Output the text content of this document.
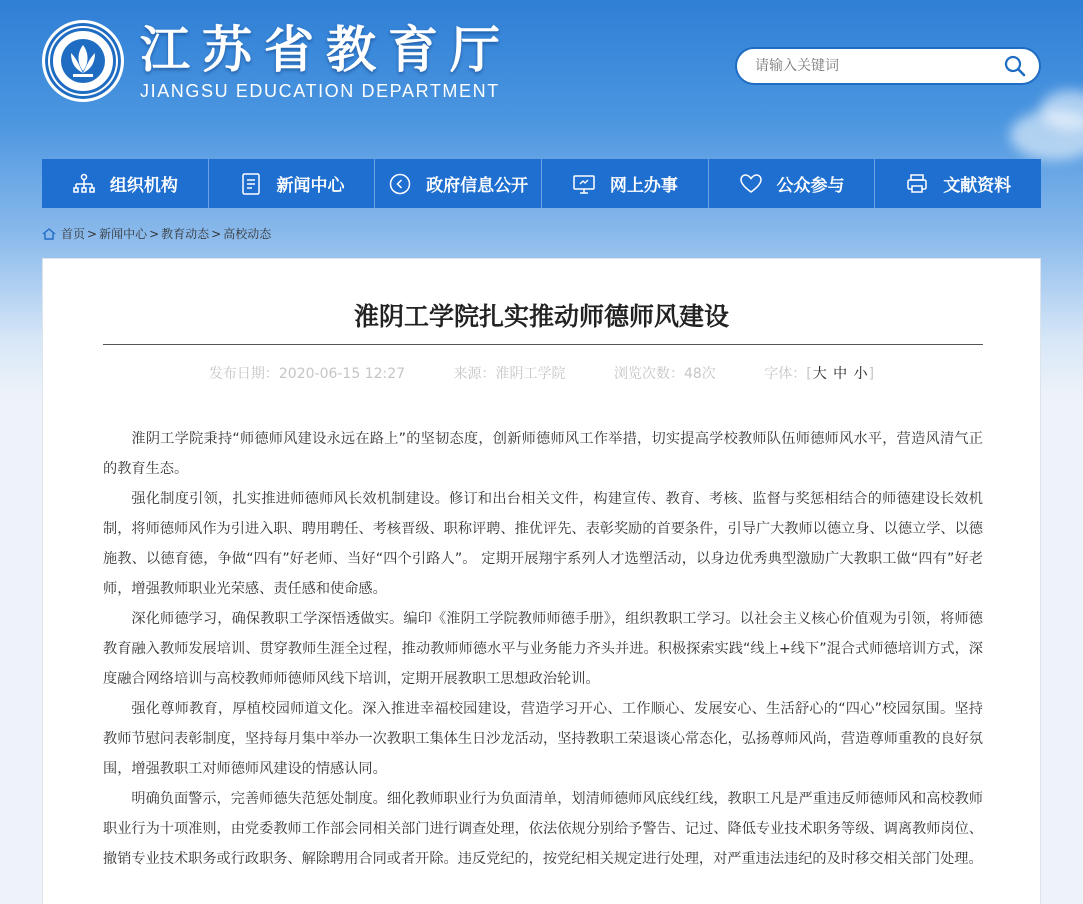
江苏省教育厅
JIANGSU EDUCATION DEPARTMENT
请输入关键词
组织机构	新闻中心	政府信息公开	网上办事	公众参与	文献资料
首页 > 新闻中心 > 教育动态 > 高校动态
淮阴工学院扎实推动师德师风建设
发布日期：2020-06-15 12:27	来源：淮阴工学院	浏览次数：48次	字体：[大 中 小]

淮阴工学院秉持“师德师风建设永远在路上”的坚韧态度，创新师德师风工作举措，切实提高学校教师队伍师德师风水平，营造风清气正的教育生态。

强化制度引领，扎实推进师德师风长效机制建设。修订和出台相关文件，构建宣传、教育、考核、监督与奖惩相结合的师德建设长效机制，将师德师风作为引进入职、聘用聘任、考核晋级、职称评聘、推优评先、表彰奖励的首要条件，引导广大教师以德立身、以德立学、以德施教、以德育德，争做“四有”好老师、当好“四个引路人”。 定期开展翔宇系列人才选塑活动，以身边优秀典型激励广大教职工做“四有”好老师，增强教师职业光荣感、责任感和使命感。

深化师德学习，确保教职工学深悟透做实。编印《淮阴工学院教师师德手册》，组织教职工学习。以社会主义核心价值观为引领，将师德教育融入教师发展培训、贯穿教师生涯全过程，推动教师师德水平与业务能力齐头并进。积极探索实践“线上+线下”混合式师德培训方式，深度融合网络培训与高校教师师德师风线下培训，定期开展教职工思想政治轮训。

强化尊师教育，厚植校园师道文化。深入推进幸福校园建设，营造学习开心、工作顺心、发展安心、生活舒心的“四心”校园氛围。坚持教师节慰问表彰制度，坚持每月集中举办一次教职工集体生日沙龙活动，坚持教职工荣退谈心常态化，弘扬尊师风尚，营造尊师重教的良好氛围，增强教职工对师德师风建设的情感认同。

明确负面警示，完善师德失范惩处制度。细化教师职业行为负面清单，划清师德师风底线红线，教职工凡是严重违反师德师风和高校教师职业行为十项准则，由党委教师工作部会同相关部门进行调查处理，依法依规分别给予警告、记过、降低专业技术职务等级、调离教师岗位、撤销专业技术职务或行政职务、解除聘用合同或者开除。违反党纪的，按党纪相关规定进行处理，对严重违法违纪的及时移交相关部门处理。
